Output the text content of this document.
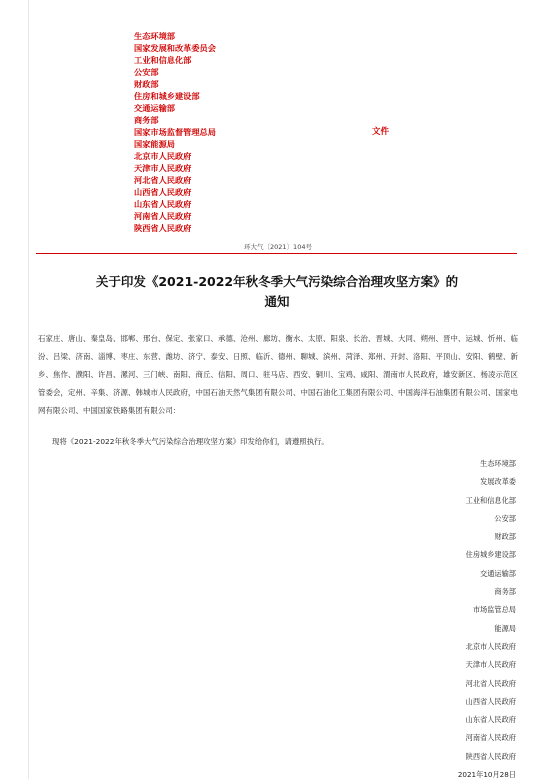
生态环境部
国家发展和改革委员会
工业和信息化部
公安部
财政部
住房和城乡建设部
交通运输部
商务部
国家市场监督管理总局
国家能源局
北京市人民政府
天津市人民政府
河北省人民政府
山西省人民政府
山东省人民政府
河南省人民政府
陕西省人民政府
文件
环大气〔2021〕104号
关于印发《2021-2022年秋冬季大气污染综合治理攻坚方案》的
通知
石家庄、唐山、秦皇岛、邯郸、邢台、保定、张家口、承德、沧州、廊坊、衡水、太原、阳泉、长治、晋城、大同、朔州、晋中、运城、忻州、临汾、吕梁、济南、淄博、枣庄、东营、潍坊、济宁、泰安、日照、临沂、德州、聊城、滨州、菏泽、郑州、开封、洛阳、平顶山、安阳、鹤壁、新乡、焦作、濮阳、许昌、漯河、三门峡、南阳、商丘、信阳、周口、驻马店、西安、铜川、宝鸡、咸阳、渭南市人民政府，雄安新区、杨凌示范区管委会，定州、辛集、济源、韩城市人民政府，中国石油天然气集团有限公司、中国石油化工集团有限公司、中国海洋石油集团有限公司、国家电网有限公司、中国国家铁路集团有限公司：
现将《2021-2022年秋冬季大气污染综合治理攻坚方案》印发给你们，请遵照执行。
生态环境部
发展改革委
工业和信息化部
公安部
财政部
住房城乡建设部
交通运输部
商务部
市场监管总局
能源局
北京市人民政府
天津市人民政府
河北省人民政府
山西省人民政府
山东省人民政府
河南省人民政府
陕西省人民政府
2021年10月28日
